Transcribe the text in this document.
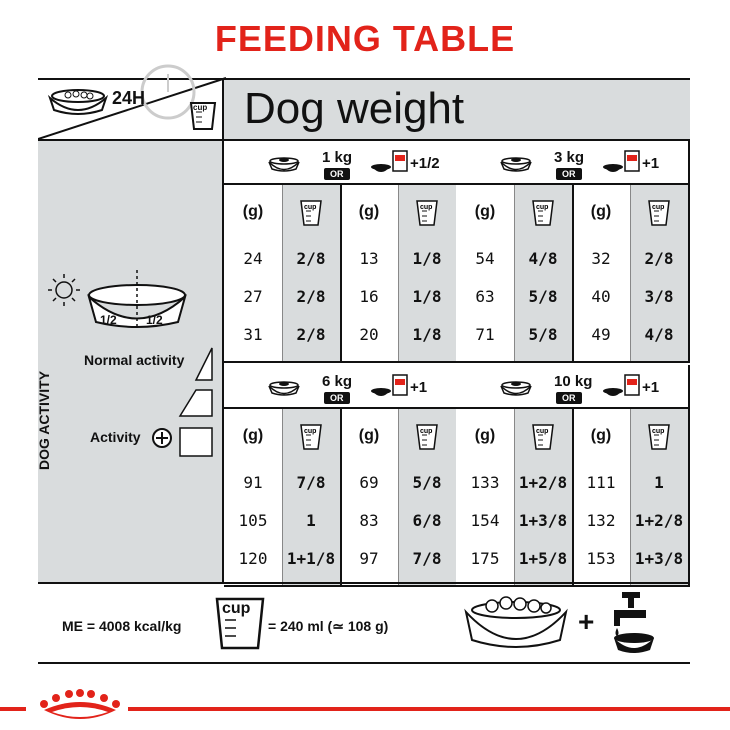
FEEDING TABLE
24H	cup Dog weight
1 kg
OR
+1/2
(g)	cup	(g)	cup
24	2/8	13	1/8
27	2/8	16	1/8
31	2/8	20	1/8
3 kg
OR
+1
(g)	cup	(g)	cup
54	4/8	32	2/8
63	5/8	40	3/8
71	5/8	49	4/8
6 kg
OR
+1
(g)	cup	(g)	cup
91	7/8	69	5/8
105	1	83	6/8
120	1+1/8	97	7/8
10 kg
OR
+1
(g)	cup	(g)	cup
133	1+2/8	111	1
154	1+3/8	132	1+2/8
175	1+5/8	153	1+3/8
1/2 1/2
Normal activity
Activity
DOG ACTIVITY
ME = 4008 kcal/kg
cup
= 240 ml (≃ 108 g)	+
